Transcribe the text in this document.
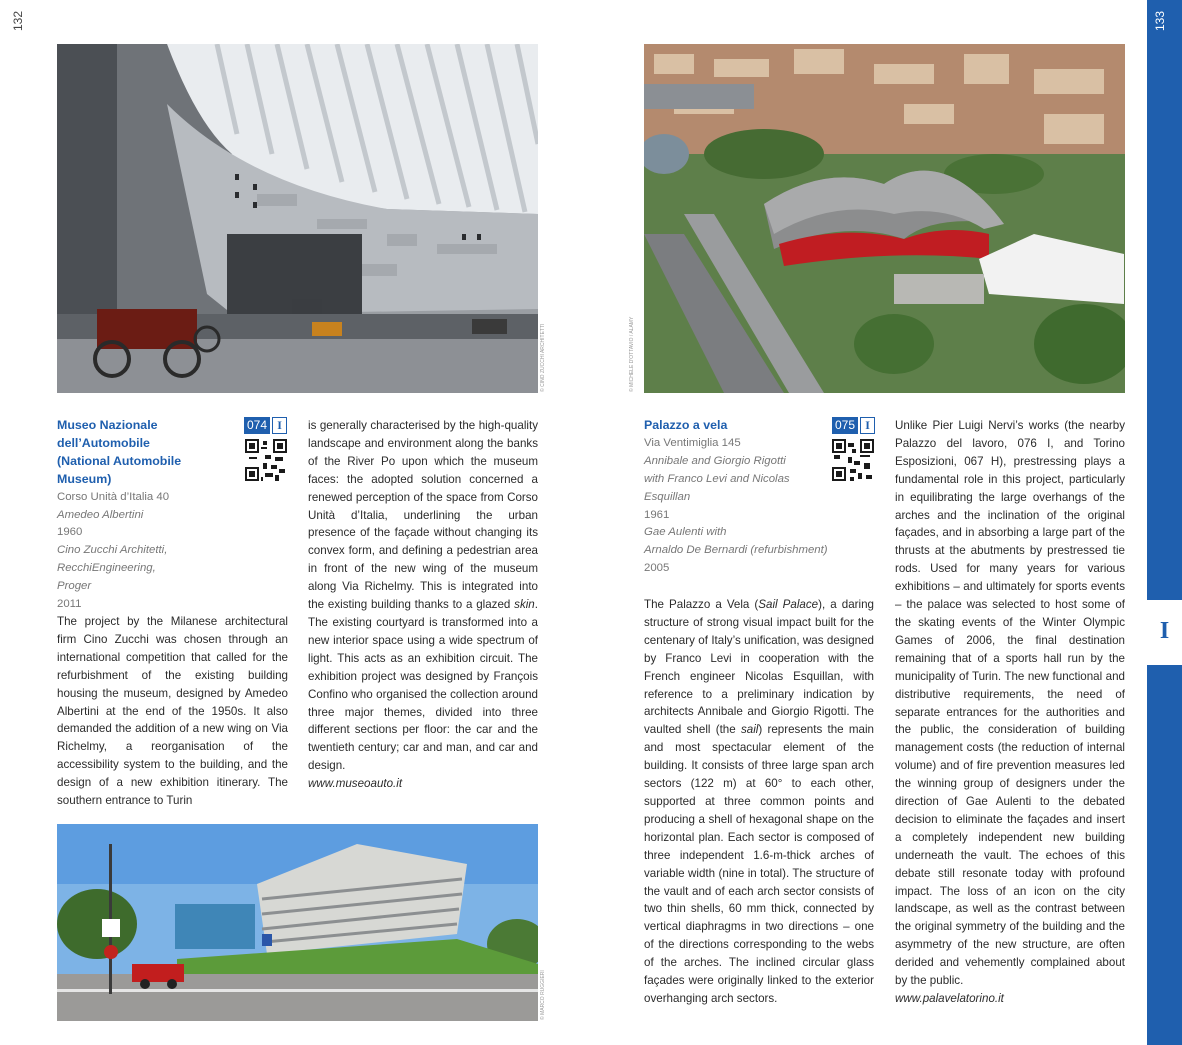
132	133
I
© CINO ZUCCHI ARCHITETTI
© MARCO RUGGIERI
© MICHELE D'OTTAVIO / ALAMY
Museo Nazionale
dell’Automobile
(National Automobile
Museum)
Corso Unità d’Italia 40
Amedeo Albertini
1960
Cino Zucchi Architetti, RecchiEngineering,
Proger
2011
074 I
The project by the Milanese architectural firm Cino Zucchi was chosen through an international competition that called for the refurbishment of the existing building housing the museum, designed by Amedeo Albertini at the end of the 1950s. It also demanded the addition of a new wing on Via Richelmy, a reorganisation of the accessibility system to the building, and the design of a new exhibition itinerary. The southern entrance to Turin
is generally characterised by the high-quality landscape and environment along the banks of the River Po upon which the museum faces: the adopted solution concerned a renewed perception of the space from Corso Unità d’Italia, underlining the urban presence of the façade without changing its convex form, and defining a pedestrian area in front of the new wing of the museum along Via Richelmy. This is integrated into the existing building thanks to a glazed skin. The existing courtyard is transformed into a new interior space using a wide spectrum of light. This acts as an exhibition circuit. The exhibition project was designed by François Confino who organised the collection around three major themes, divided into three different sections per floor: the car and the twentieth century; car and man, and car and design.
www.museoauto.it
Palazzo a vela
Via Ventimiglia 145
Annibale and Giorgio Rigotti
with Franco Levi and Nicolas
Esquillan
1961
Gae Aulenti with
Arnaldo De Bernardi (refurbishment)
2005
075 I
The Palazzo a Vela (Sail Palace), a daring structure of strong visual impact built for the centenary of Italy’s unification, was designed by Franco Levi in cooperation with the French engineer Nicolas Esquillan, with reference to a preliminary indication by architects Annibale and Giorgio Rigotti. The vaulted shell (the sail) represents the main and most spectacular element of the building. It consists of three large span arch sectors (122 m) at 60° to each other, supported at three common points and producing a shell of hexagonal shape on the horizontal plan. Each sector is composed of three independent 1.6-m-thick arches of variable width (nine in total). The structure of the vault and of each arch sector consists of two thin shells, 60 mm thick, connected by vertical diaphragms in two directions – one of the directions corresponding to the webs of the arches. The inclined circular glass façades were originally linked to the exterior overhanging arch sectors.
Unlike Pier Luigi Nervi’s works (the nearby Palazzo del lavoro, 076 I, and Torino Esposizioni, 067 H), prestressing plays a fundamental role in this project, particularly in equilibrating the large overhangs of the arches and the inclination of the original façades, and in absorbing a large part of the thrusts at the abutments by prestressed tie rods. Used for many years for various exhibitions – and ultimately for sports events – the palace was selected to host some of the skating events of the Winter Olympic Games of 2006, the final destination remaining that of a sports hall run by the municipality of Turin. The new functional and distributive requirements, the need of separate entrances for the authorities and the public, the consideration of building management costs (the reduction of internal volume) and of fire prevention measures led the winning group of designers under the direction of Gae Aulenti to the debated decision to eliminate the façades and insert a completely independent new building underneath the vault. The echoes of this debate still resonate today with profound impact. The loss of an icon on the city landscape, as well as the contrast between the original symmetry of the building and the asymmetry of the new structure, are often derided and vehemently complained about by the public.
www.palavelatorino.it
